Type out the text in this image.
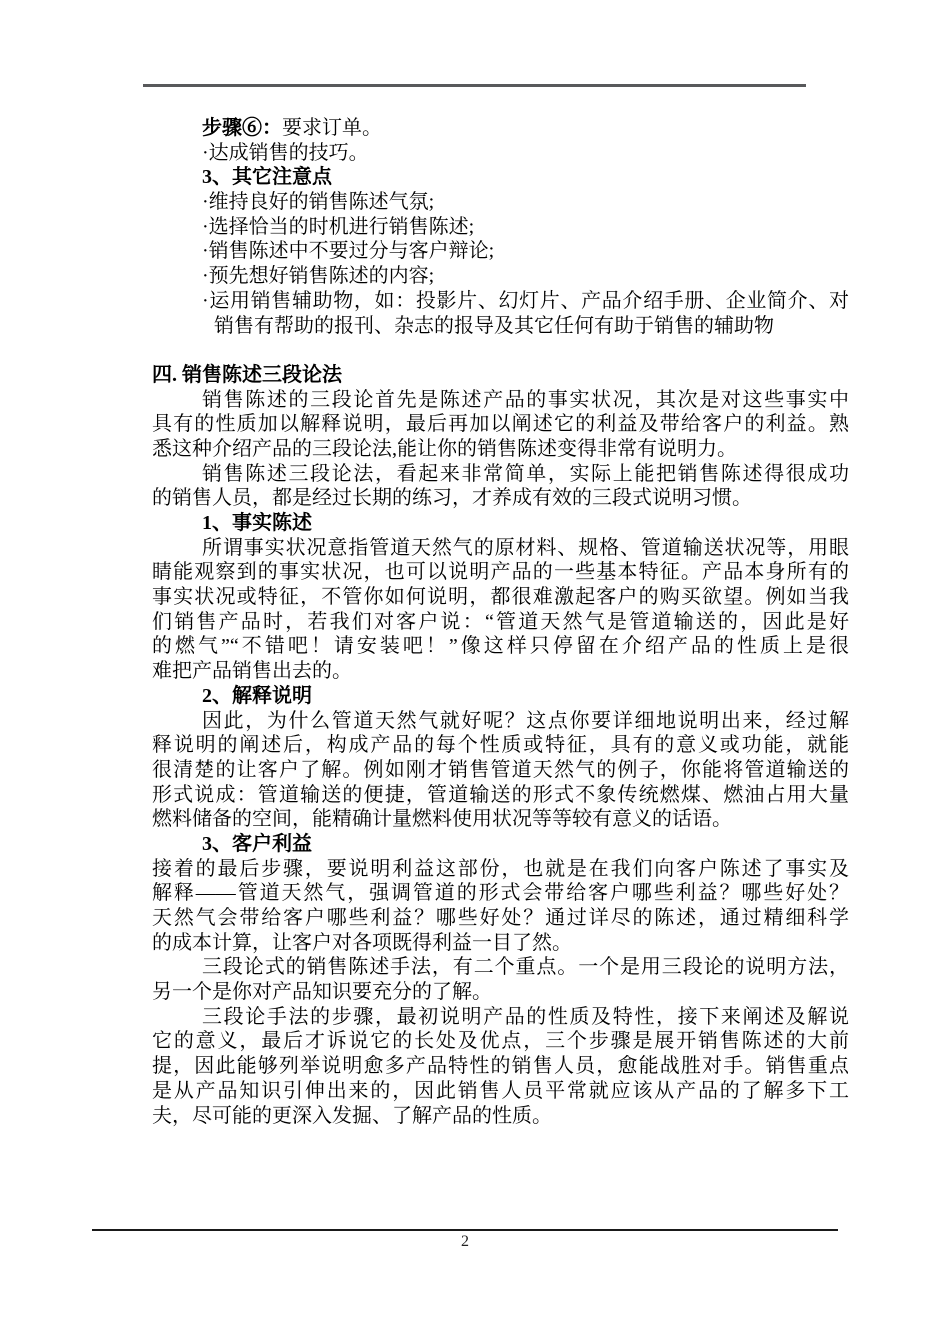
步骤⑥：要求订单。
·达成销售的技巧。
3、其它注意点
·维持良好的销售陈述气氛;
·选择恰当的时机进行销售陈述;
·销售陈述中不要过分与客户辩论;
·预先想好销售陈述的内容;
·运用销售辅助物，如：投影片、幻灯片、产品介绍手册、企业简介、对
销售有帮助的报刊、杂志的报导及其它任何有助于销售的辅助物
四. 销售陈述三段论法
销售陈述的三段论首先是陈述产品的事实状况，其次是对这些事实中
具有的性质加以解释说明，最后再加以阐述它的利益及带给客户的利益。熟
悉这种介绍产品的三段论法,能让你的销售陈述变得非常有说明力。
销售陈述三段论法，看起来非常简单，实际上能把销售陈述得很成功
的销售人员，都是经过长期的练习，才养成有效的三段式说明习惯。
1、事实陈述
所谓事实状况意指管道天然气的原材料、规格、管道输送状况等，用眼
睛能观察到的事实状况，也可以说明产品的一些基本特征。产品本身所有的
事实状况或特征，不管你如何说明，都很难激起客户的购买欲望。例如当我
们销售产品时，若我们对客户说：“管道天然气是管道输送的，因此是好
的燃气”“不错吧！请安装吧！”像这样只停留在介绍产品的性质上是很
难把产品销售出去的。
2、解释说明
因此，为什么管道天然气就好呢？这点你要详细地说明出来，经过解
释说明的阐述后，构成产品的每个性质或特征，具有的意义或功能，就能
很清楚的让客户了解。例如刚才销售管道天然气的例子，你能将管道输送的
形式说成：管道输送的便捷，管道输送的形式不象传统燃煤、燃油占用大量
燃料储备的空间，能精确计量燃料使用状况等等较有意义的话语。
3、客户利益
接着的最后步骤，要说明利益这部份，也就是在我们向客户陈述了事实及
解释——管道天然气，强调管道的形式会带给客户哪些利益？哪些好处？
天然气会带给客户哪些利益？哪些好处？通过详尽的陈述，通过精细科学
的成本计算，让客户对各项既得利益一目了然。
三段论式的销售陈述手法，有二个重点。一个是用三段论的说明方法，
另一个是你对产品知识要充分的了解。
三段论手法的步骤，最初说明产品的性质及特性，接下来阐述及解说
它的意义，最后才诉说它的长处及优点，三个步骤是展开销售陈述的大前
提，因此能够列举说明愈多产品特性的销售人员，愈能战胜对手。销售重点
是从产品知识引伸出来的，因此销售人员平常就应该从产品的了解多下工
夫，尽可能的更深入发掘、了解产品的性质。
2
